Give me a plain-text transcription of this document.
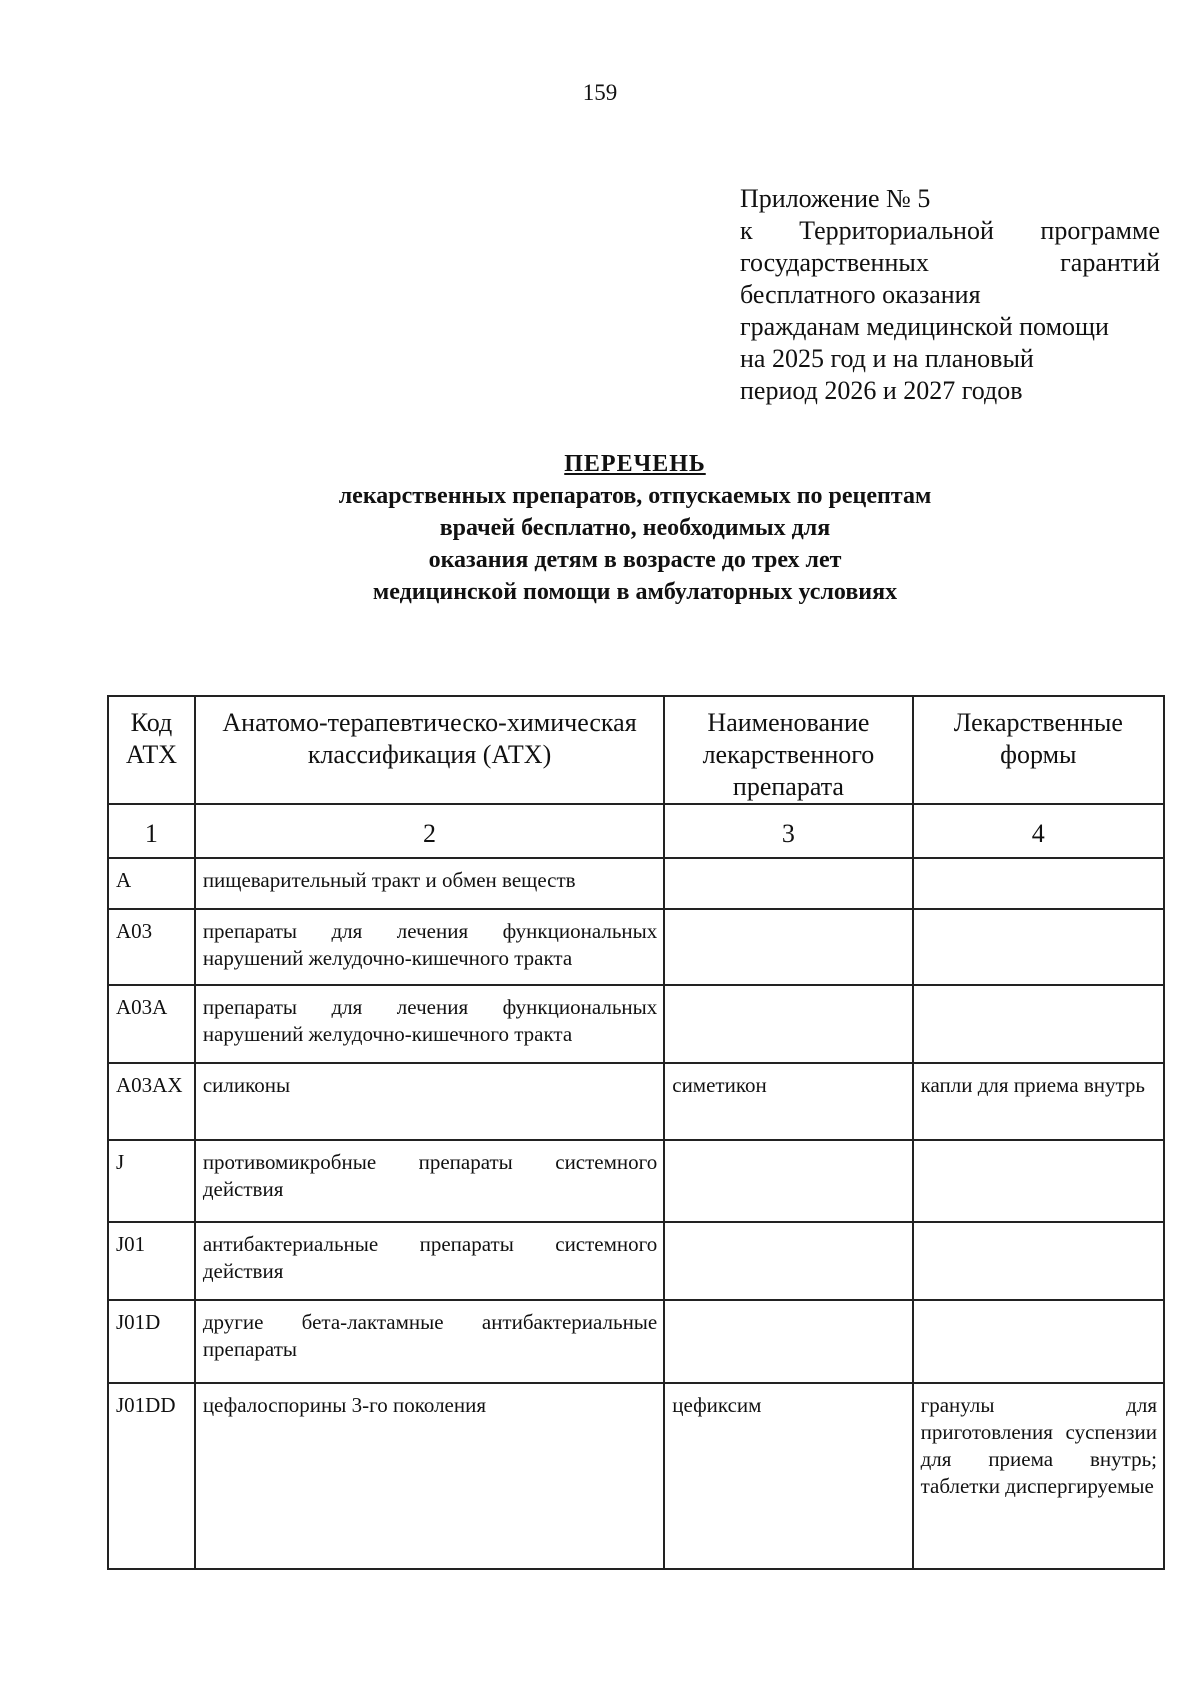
159
Приложение № 5
к Территориальной программе
государственных гарантий
бесплатного оказания
гражданам медицинской помощи
на 2025 год и на плановый
период 2026 и 2027 годов
ПЕРЕЧЕНЬ
лекарственных препаратов, отпускаемых по рецептам
врачей бесплатно, необходимых для
оказания детям в возрасте до трех лет
медицинской помощи в амбулаторных условиях
Код АТХ	Анатомо-терапевтическо-химическая классификация (АТХ)	Наименование лекарственного препарата	Лекарственные формы
1	2	3	4
A	пищеварительный тракт и обмен веществ		
A03	препараты для лечения функциональных нарушений желудочно-кишечного тракта		
A03A	препараты для лечения функциональных нарушений желудочно-кишечного тракта		
A03AX	силиконы	симетикон	капли для приема внутрь
J	противомикробные препараты системного действия		
J01	антибактериальные препараты системного действия		
J01D	другие бета-лактамные антибактериальные препараты		
J01DD	цефалоспорины 3-го поколения	цефиксим	гранулы для приготовления суспензии для приема внутрь; таблетки диспергируемые
